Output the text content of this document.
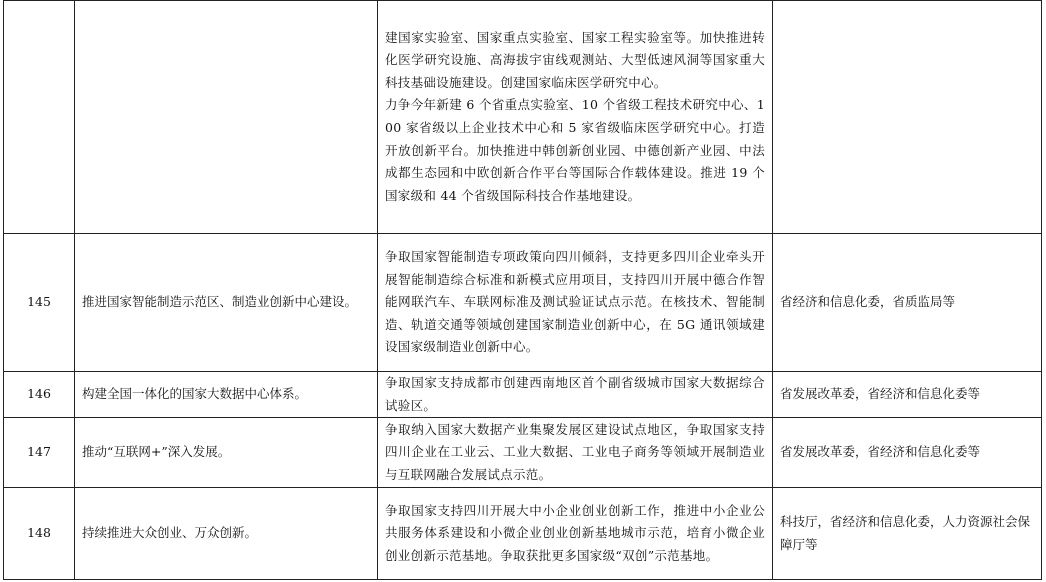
		建国家实验室、国家重点实验室、国家工程实验室等。加快推进转化医学研究设施、高海拔宇宙线观测站、大型低速风洞等国家重大科技基础设施建设。创建国家临床医学研究中心。
力争今年新建 6 个省重点实验室、10 个省级工程技术研究中心、100 家省级以上企业技术中心和 5 家省级临床医学研究中心。打造开放创新平台。加快推进中韩创新创业园、中德创新产业园、中法成都生态园和中欧创新合作平台等国际合作载体建设。推进 19 个国家级和 44 个省级国际科技合作基地建设。	

145	推进国家智能制造示范区、制造业创新中心建设。	争取国家智能制造专项政策向四川倾斜，支持更多四川企业牵头开展智能制造综合标准和新模式应用项目，支持四川开展中德合作智能网联汽车、车联网标准及测试验证试点示范。在核技术、智能制造、轨道交通等领域创建国家制造业创新中心，在 5G 通讯领域建设国家级制造业创新中心。	省经济和信息化委，省质监局等
146	构建全国一体化的国家大数据中心体系。	争取国家支持成都市创建西南地区首个副省级城市国家大数据综合试验区。	省发展改革委，省经济和信息化委等
147	推动“互联网+”深入发展。	争取纳入国家大数据产业集聚发展区建设试点地区，争取国家支持四川企业在工业云、工业大数据、工业电子商务等领域开展制造业与互联网融合发展试点示范。	省发展改革委，省经济和信息化委等
148	持续推进大众创业、万众创新。	争取国家支持四川开展大中小企业创业创新工作，推进中小企业公共服务体系建设和小微企业创业创新基地城市示范，培育小微企业创业创新示范基地。争取获批更多国家级“双创”示范基地。	科技厅，省经济和信息化委，人力资源社会保障厅等
